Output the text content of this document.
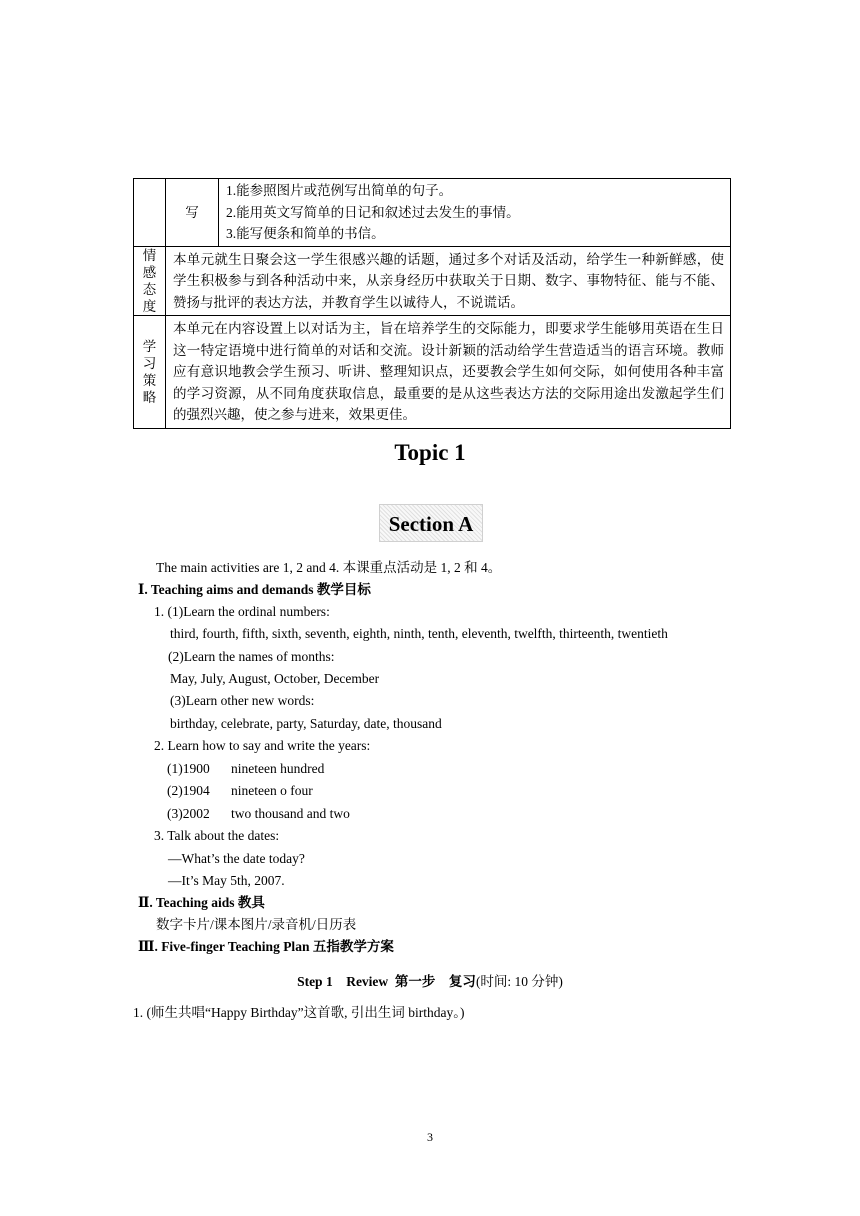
	写	1.能参照图片或范例写出简单的句子。
2.能用英文写简单的日记和叙述过去发生的事情。
3.能写便条和简单的书信。

情
感
态
度	本单元就生日聚会这一学生很感兴趣的话题，通过多个对话及活动，给学生一种新鲜感，使学生积极参与到各种活动中来，从亲身经历中获取关于日期、数字、事物特征、能与不能、赞扬与批评的表达方法，并教育学生以诚待人，不说谎话。	

学
习
策
略	本单元在内容设置上以对话为主，旨在培养学生的交际能力，即要求学生能够用英语在生日这一特定语境中进行简单的对话和交流。设计新颖的活动给学生营造适当的语言环境。教师应有意识地教会学生预习、听讲、整理知识点，还要教会学生如何交际，如何使用各种丰富的学习资源，从不同角度获取信息，最重要的是从这些表达方法的交际用途出发激起学生们的强烈兴趣，使之参与进来，效果更佳。	
Topic 1
Section A
The main activities are 1, 2 and 4. 本课重点活动是 1, 2 和 4。
Ⅰ. Teaching aims and demands 教学目标
1. (1)Learn the ordinal numbers:
third, fourth, fifth, sixth, seventh, eighth, ninth, tenth, eleventh, twelfth, thirteenth, twentieth
(2)Learn the names of months:
May, July, August, October, December
(3)Learn other new words:
birthday, celebrate, party, Saturday, date, thousand
2. Learn how to say and write the years:
(1)1900 nineteen hundred
(2)1904 nineteen o four
(3)2002 two thousand and two
3. Talk about the dates:
—What’s the date today?
—It’s May 5th, 2007.
Ⅱ. Teaching aids 教具
数字卡片/课本图片/录音机/日历表
Ⅲ. Five-finger Teaching Plan 五指教学方案
Step 1    Review  第一步    复习(时间: 10 分钟)
1. (师生共唱“Happy Birthday”这首歌, 引出生词 birthday。)
3
